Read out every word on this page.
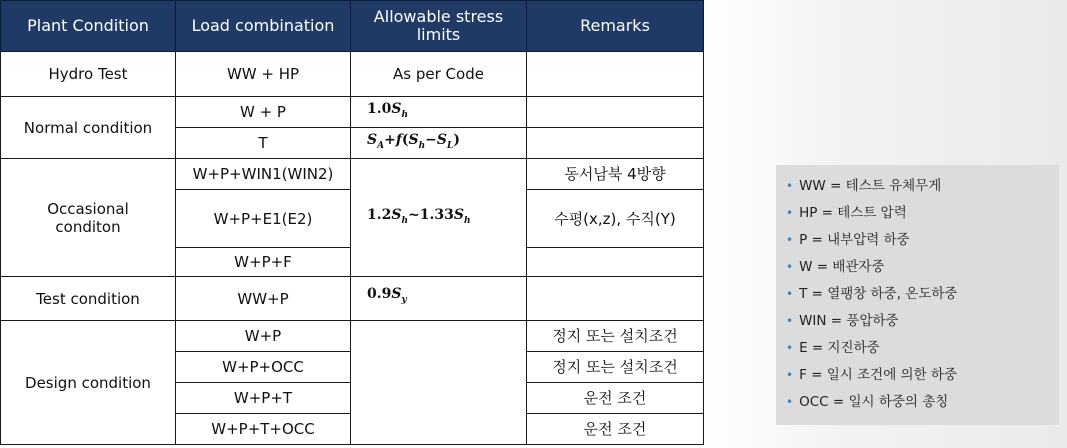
Plant Condition	Load combination	Allowable stress limits	Remarks
Hydro Test	WW + HP	As per Code	
Normal condition	W + P	$1.0S_h$	
	T	$S_A+f(S_h-S_L)$	
Occasional conditon	W+P+WIN1(WIN2)	$1.2S_h\sim 1.33S_h$	동서남북 4방향
	W+P+E1(E2)		수평(x,z), 수직(Y)
	W+P+F		
Test condition	WW+P	$0.9S_y$	
Design condition	W+P		정지 또는 설치조건
	W+P+OCC		정지 또는 설치조건
	W+P+T		운전 조건
	W+P+T+OCC		운전 조건
• WW = 테스트 유체무게
• HP = 테스트 압력
• P = 내부압력 하중
• W = 배관자중
• T = 열팽창 하중, 온도하중
• WIN = 풍압하중
• E = 지진하중
• F = 일시 조건에 의한 하중
• OCC = 일시 하중의 총칭
